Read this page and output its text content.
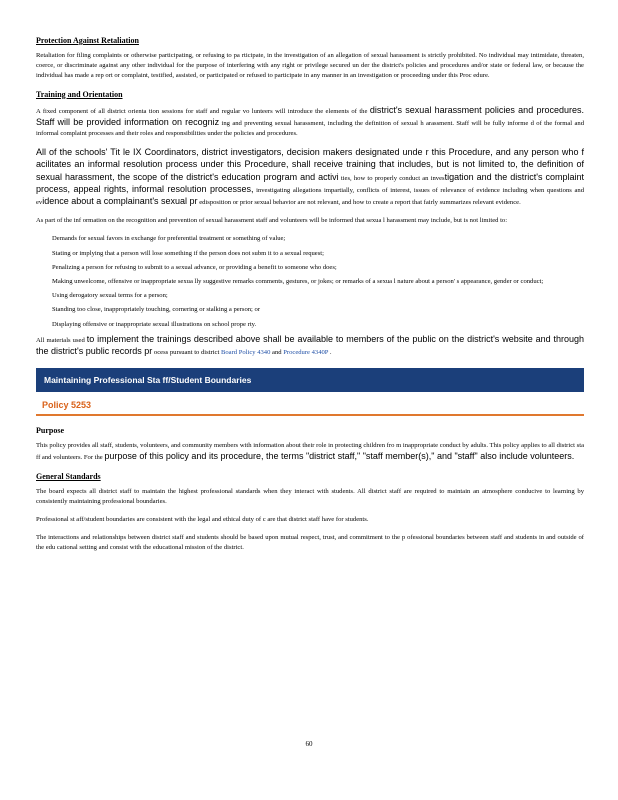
Protection Against Retaliation

Retaliation for filing complaints or otherwise participating, or refusing to pa rticipate, in the investigation of an allegation of sexual harassment is strictly prohibited. No individual may intimidate, threaten, coerce, or discriminate against any other individual for the purpose of interfering with any right or privilege secured un der the district's policies and procedures and/or state or federal law, or because the individual has made a rep ort or complaint, testified, assisted, or participated or refused to participate in any manner in an investigation or proceeding under this Proc edure.

Training and Orientation

A fixed component of all district orienta tion sessions for staff and regular vo lunteers will introduce the elements of the district's sexual harassment policies and procedures. Staff will be provided information on recogniz ing and preventing sexual harassment, including the definition of sexual h arassment. Staff will be fully informe d of the formal and informal complaint processes and their roles and responsibilities under the policies and procedures.

All of the schools' Tit le IX Coordinators, district investigators, decision makers designated unde r this Procedure, and any person who f acilitates an informal resolution process under this Procedure, shall receive training that includes, but is not limited to, the definition of sexual harassment, the scope of the district's education program and activi ties, how to properly conduct an investigation and the district's complaint process, appeal rights, informal resolution processes, investigating allegations impartially, conflicts of interest, issues of relevance of evidence including when questions and evidence about a complainant's sexual pr edisposition or prior sexual behavior are not relevant, and how to create a report that fairly summarizes relevant evidence.

As part of the inf ormation on the recognition and prevention of sexual harassment staff and volunteers will be informed that sexua l harassment may include, but is not limited to:

Demands for sexual favors in exchange for preferential treatment or something of value;
Stating or implying that a person will lose something if the person does not subm it to a sexual request;
Penalizing a person for refusing to submit to a sexual advance, or providing a benefit to someone who does;
Making unwelcome, offensive or inappropriate sexua lly suggestive remarks comments, gestures, or jokes; or remarks of a sexua l nature about a person' s appearance, gender or conduct;
Using derogatory sexual terms for a person;
Standing too close, inappropriately touching, cornering or stalking a person; or
Displaying offensive or inappropriate sexual illustrations on school prope rty.

All materials used to implement the trainings described above shall be available to members of the public on the district's website and through the district's public records pr ocess pursuant to district Board Policy 4340 and Procedure 4340P .

Maintaining Professional Sta ff/Student Boundaries
Policy 5253
Purpose

This policy provides all staff, students, volunteers, and community members with information about their role in protecting children fro m inappropriate conduct by adults. This policy applies to all district sta ff and volunteers. For the purpose of this policy and its procedure, the terms "district staff," "staff member(s)," and "staff" also include volunteers.

General Standards

The board expects all district staff to maintain the highest professional standards when they interact with students. All district staff are required to maintain an atmosphere conducive to learning by consistently maintaining professional boundaries.

Professional st aff/student boundaries are consistent with the legal and ethical duty of c are that district staff have for students.

The interactions and relationships between district staff and students should be based upon mutual respect, trust, and commitment to the p ofessional boundaries between staff and students in and outside of the edu cational setting and consist with the educational mission of the district.

60
